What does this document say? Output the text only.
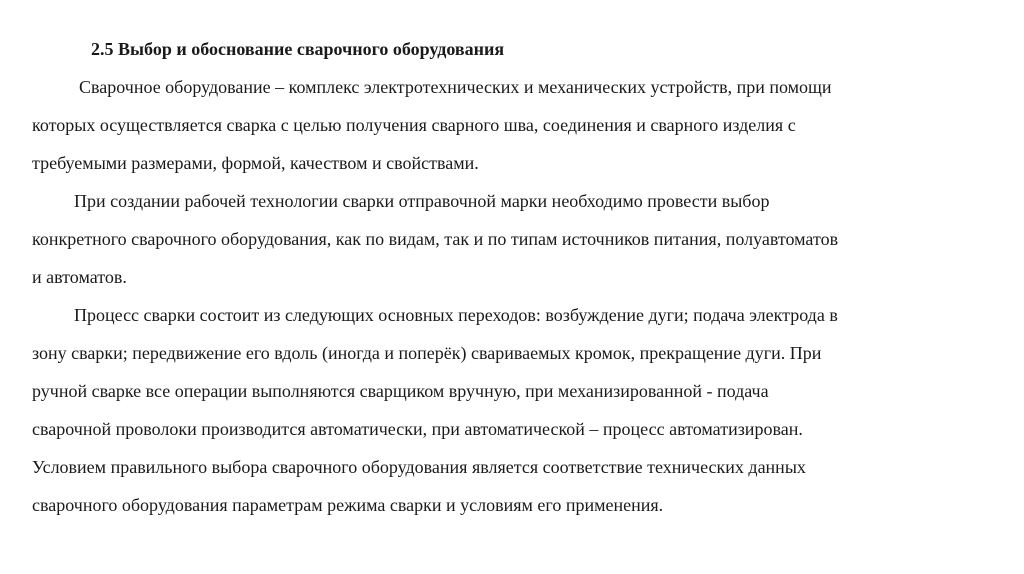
2.5 Выбор и обоснование сварочного оборудования
Сварочное оборудование – комплекс электротехнических и механических устройств, при помощи
которых осуществляется сварка с целью получения сварного шва, соединения и сварного изделия с
требуемыми размерами, формой, качеством и свойствами.
При создании рабочей технологии сварки отправочной марки необходимо провести выбор
конкретного сварочного оборудования, как по видам, так и по типам источников питания, полуавтоматов
и автоматов.
Процесс сварки состоит из следующих основных переходов: возбуждение дуги; подача электрода в
зону сварки; передвижение его вдоль (иногда и поперёк) свариваемых кромок, прекращение дуги. При
ручной сварке все операции выполняются сварщиком вручную, при механизированной - подача
сварочной проволоки производится автоматически, при автоматической – процесс автоматизирован.
Условием правильного выбора сварочного оборудования является соответствие технических данных
сварочного оборудования параметрам режима сварки и условиям его применения.
